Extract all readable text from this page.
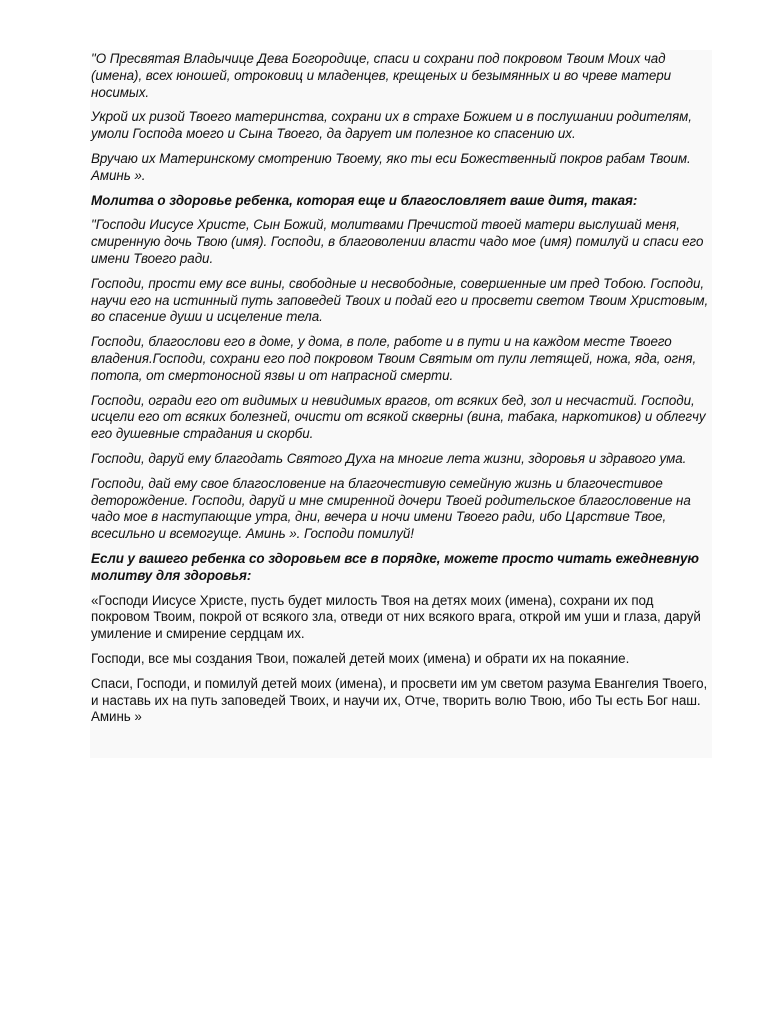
"О Пресвятая Владычице Дева Богородице, спаси и сохрани под покровом Твоим Моих чад (имена), всех юношей, отроковиц и младенцев, крещеных и безымянных и во чреве матери носимых.

Укрой их ризой Твоего материнства, сохрани их в страхе Божием и в послушании родителям, умоли Господа моего и Сына Твоего, да дарует им полезное ко спасению их.

Вручаю их Материнскому смотрению Твоему, яко ты еси Божественный покров рабам Твоим. Аминь ».

Молитва о здоровье ребенка, которая еще и благословляет ваше дитя, такая:

"Господи Иисусе Христе, Сын Божий, молитвами Пречистой твоей матери выслушай меня, смиренную дочь Твою (имя). Господи, в благоволении власти чадо мое (имя) помилуй и спаси его имени Твоего ради.

Господи, прости ему все вины, свободные и несвободные, совершенные им пред Тобою. Господи, научи его на истинный путь заповедей Твоих и подай его и просвети светом Твоим Христовым, во спасение души и исцеление тела.

Господи, благослови его в доме, у дома, в поле, работе и в пути и на каждом месте Твоего владения.Господи, сохрани его под покровом Твоим Святым от пули летящей, ножа, яда, огня, потопа, от смертоносной язвы и от напрасной смерти.

Господи, огради его от видимых и невидимых врагов, от всяких бед, зол и несчастий. Господи, исцели его от всяких болезней, очисти от всякой скверны (вина, табака, наркотиков) и облегчу его душевные страдания и скорби.

Господи, даруй ему благодать Святого Духа на многие лета жизни, здоровья и здравого ума.

Господи, дай ему свое благословение на благочестивую семейную жизнь и благочестивое деторождение. Господи, даруй и мне смиренной дочери Твоей родительское благословение на чадо мое в наступающие утра, дни, вечера и ночи имени Твоего ради, ибо Царствие Твое, всесильно и всемогуще. Аминь ». Господи помилуй!

Если у вашего ребенка со здоровьем все в порядке, можете просто читать ежедневную молитву для здоровья:

«Господи Иисусе Христе, пусть будет милость Твоя на детях моих (имена), сохрани их под покровом Твоим, покрой от всякого зла, отведи от них всякого врага, открой им уши и глаза, даруй умиление и смирение сердцам их.

Господи, все мы создания Твои, пожалей детей моих (имена) и обрати их на покаяние.

Спаси, Господи, и помилуй детей моих (имена), и просвети им ум светом разума Евангелия Твоего, и наставь их на путь заповедей Твоих, и научи их, Отче, творить волю Твою, ибо Ты есть Бог наш. Аминь »
